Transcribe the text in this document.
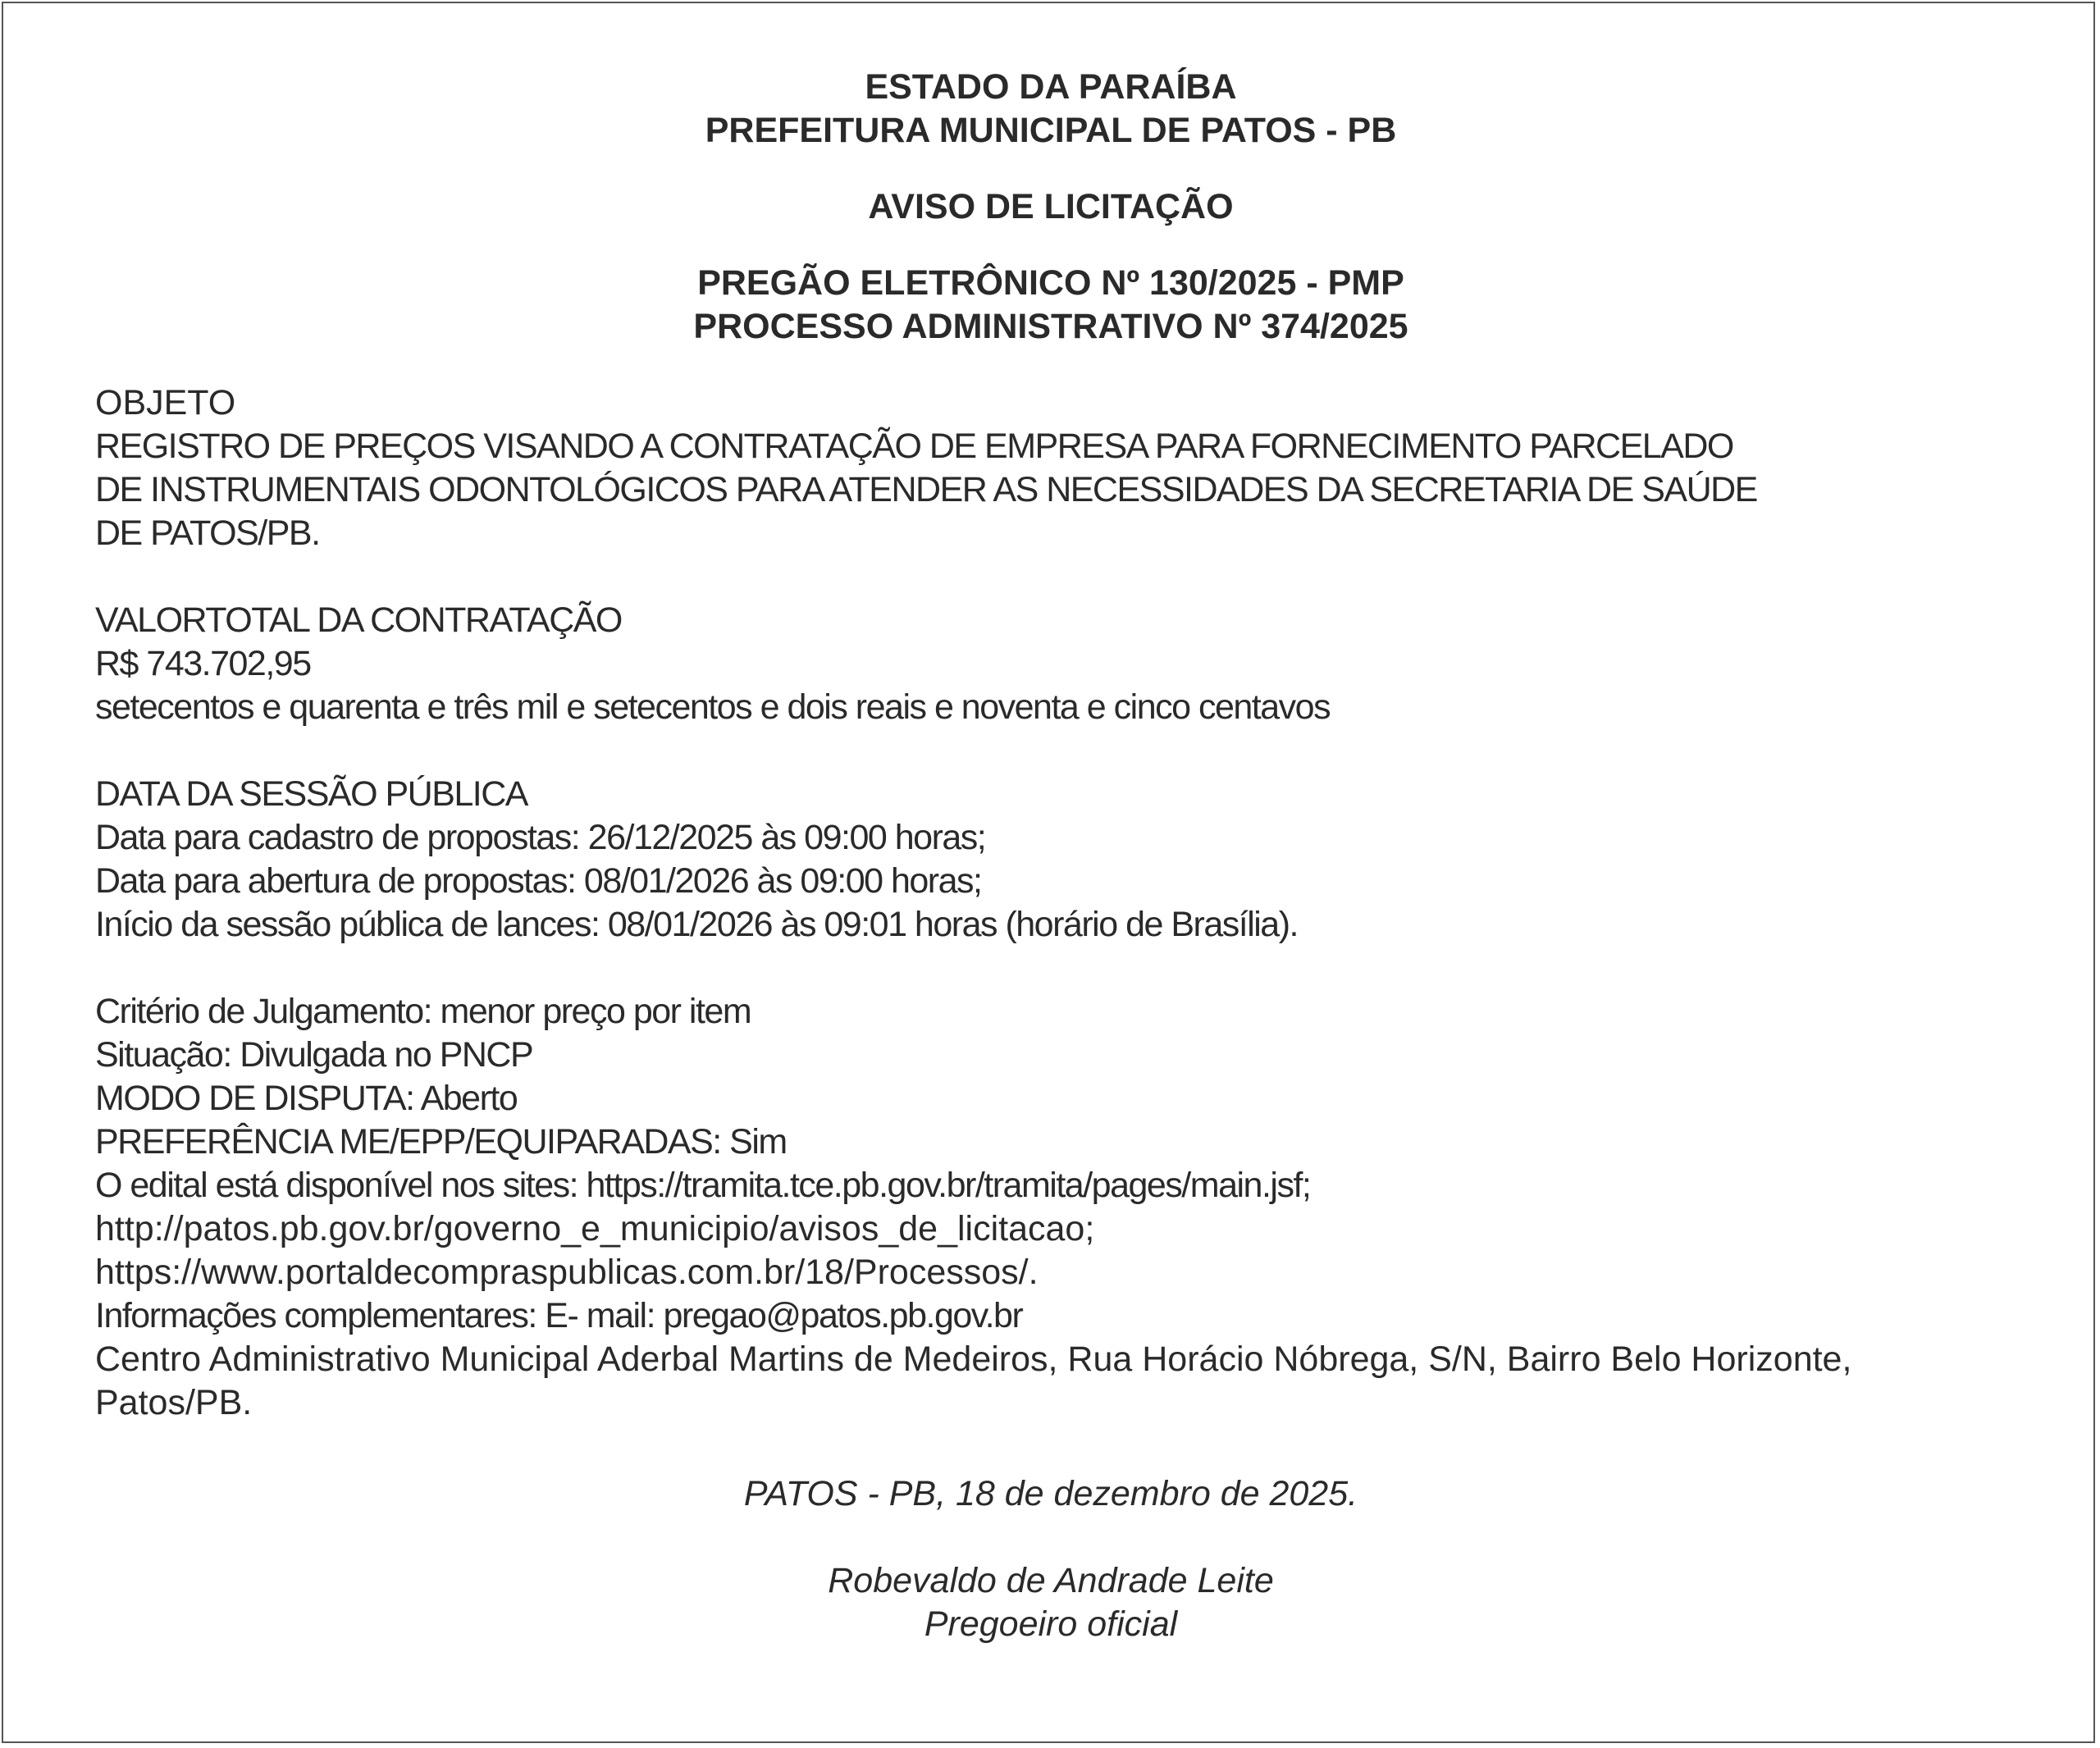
ESTADO DA PARAÍBA
PREFEITURA MUNICIPAL DE PATOS - PB
AVISO DE LICITAÇÃO
PREGÃO ELETRÔNICO Nº 130/2025 - PMP
PROCESSO ADMINISTRATIVO Nº 374/2025
OBJETO
REGISTRO DE PREÇOS VISANDO A CONTRATAÇÃO DE EMPRESA PARA FORNECIMENTO PARCELADO
DE INSTRUMENTAIS ODONTOLÓGICOS PARA ATENDER AS NECESSIDADES DA SECRETARIA DE SAÚDE
DE PATOS/PB.
VALORTOTAL DA CONTRATAÇÃO
R$ 743.702,95
setecentos e quarenta e três mil e setecentos e dois reais e noventa e cinco centavos
DATA DA SESSÃO PÚBLICA
Data para cadastro de propostas: 26/12/2025 às 09:00 horas;
Data para abertura de propostas: 08/01/2026 às 09:00 horas;
Início da sessão pública de lances: 08/01/2026 às 09:01 horas (horário de Brasília).
Critério de Julgamento: menor preço por item
Situação: Divulgada no PNCP
MODO DE DISPUTA: Aberto
PREFERÊNCIA ME/EPP/EQUIPARADAS: Sim
O edital está disponível nos sites: https://tramita.tce.pb.gov.br/tramita/pages/main.jsf;
http://patos.pb.gov.br/governo_e_municipio/avisos_de_licitacao;
https://www.portaldecompraspublicas.com.br/18/Processos/.
Informações complementares: E- mail: pregao@patos.pb.gov.br
Centro Administrativo Municipal Aderbal Martins de Medeiros, Rua Horácio Nóbrega, S/N, Bairro Belo Horizonte,
Patos/PB.
PATOS - PB, 18 de dezembro de 2025.
Robevaldo de Andrade Leite
Pregoeiro oficial
